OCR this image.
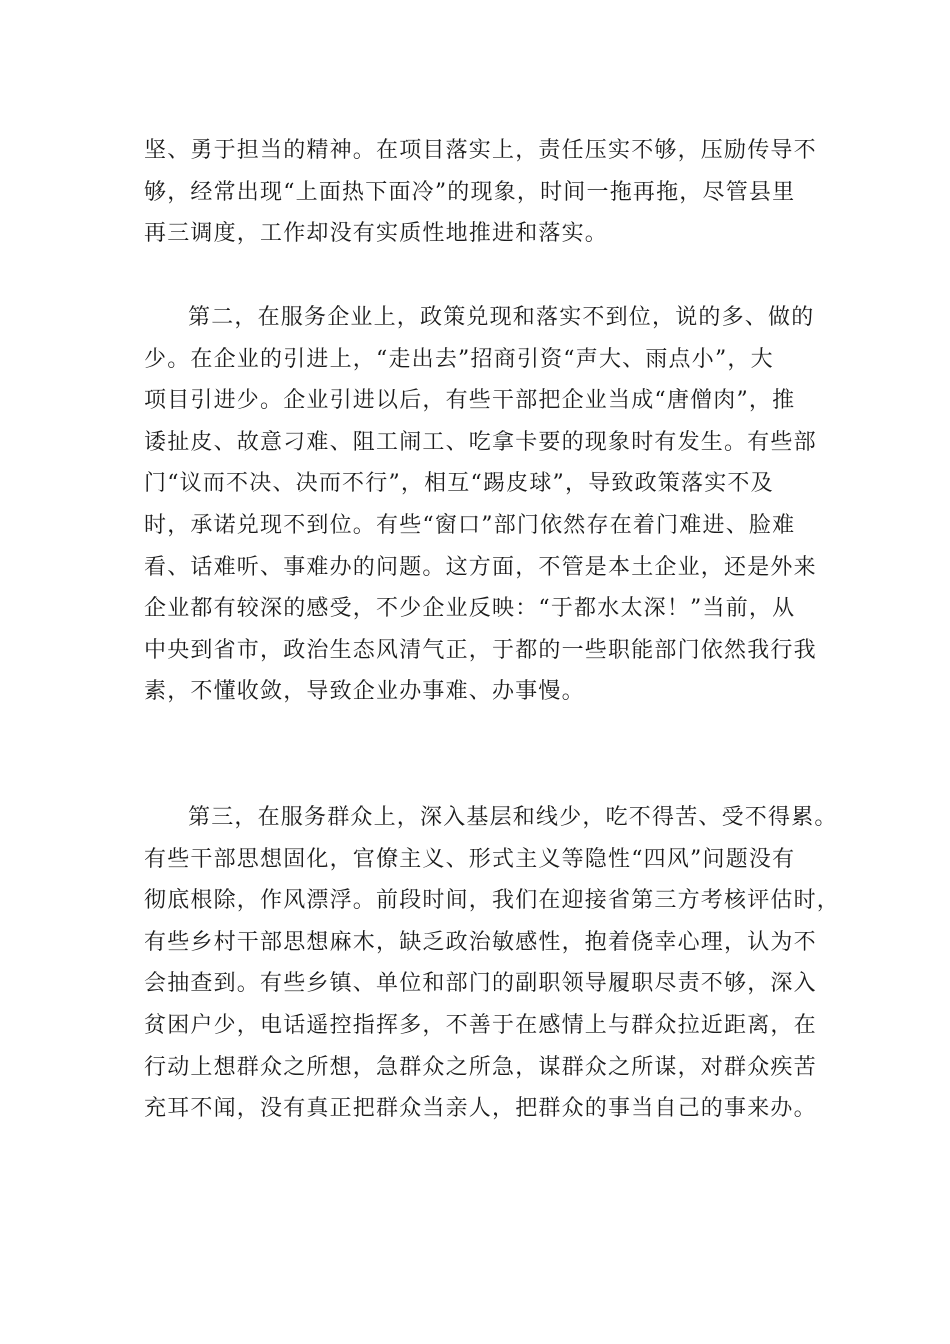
坚、勇于担当的精神。在项目落实上，责任压实不够，压励传导不
够，经常出现“上面热下面冷”的现象，时间一拖再拖，尽管县里
再三调度，工作却没有实质性地推进和落实。
第二，在服务企业上，政策兑现和落实不到位，说的多、做的
少。在企业的引进上，“走出去”招商引资“声大、雨点小”，大
项目引进少。企业引进以后，有些干部把企业当成“唐僧肉”，推
诿扯皮、故意刁难、阻工闹工、吃拿卡要的现象时有发生。有些部
门“议而不决、决而不行”，相互“踢皮球”，导致政策落实不及
时，承诺兑现不到位。有些“窗口”部门依然存在着门难进、脸难
看、话难听、事难办的问题。这方面，不管是本土企业，还是外来
企业都有较深的感受，不少企业反映：“于都水太深！”当前，从
中央到省市，政治生态风清气正，于都的一些职能部门依然我行我
素，不懂收敛，导致企业办事难、办事慢。
第三，在服务群众上，深入基层和线少，吃不得苦、受不得累。
有些干部思想固化，官僚主义、形式主义等隐性“四风”问题没有
彻底根除，作风漂浮。前段时间，我们在迎接省第三方考核评估时，
有些乡村干部思想麻木，缺乏政治敏感性，抱着侥幸心理，认为不
会抽查到。有些乡镇、单位和部门的副职领导履职尽责不够，深入
贫困户少，电话遥控指挥多，不善于在感情上与群众拉近距离，在
行动上想群众之所想，急群众之所急，谋群众之所谋，对群众疾苦
充耳不闻，没有真正把群众当亲人，把群众的事当自己的事来办。
